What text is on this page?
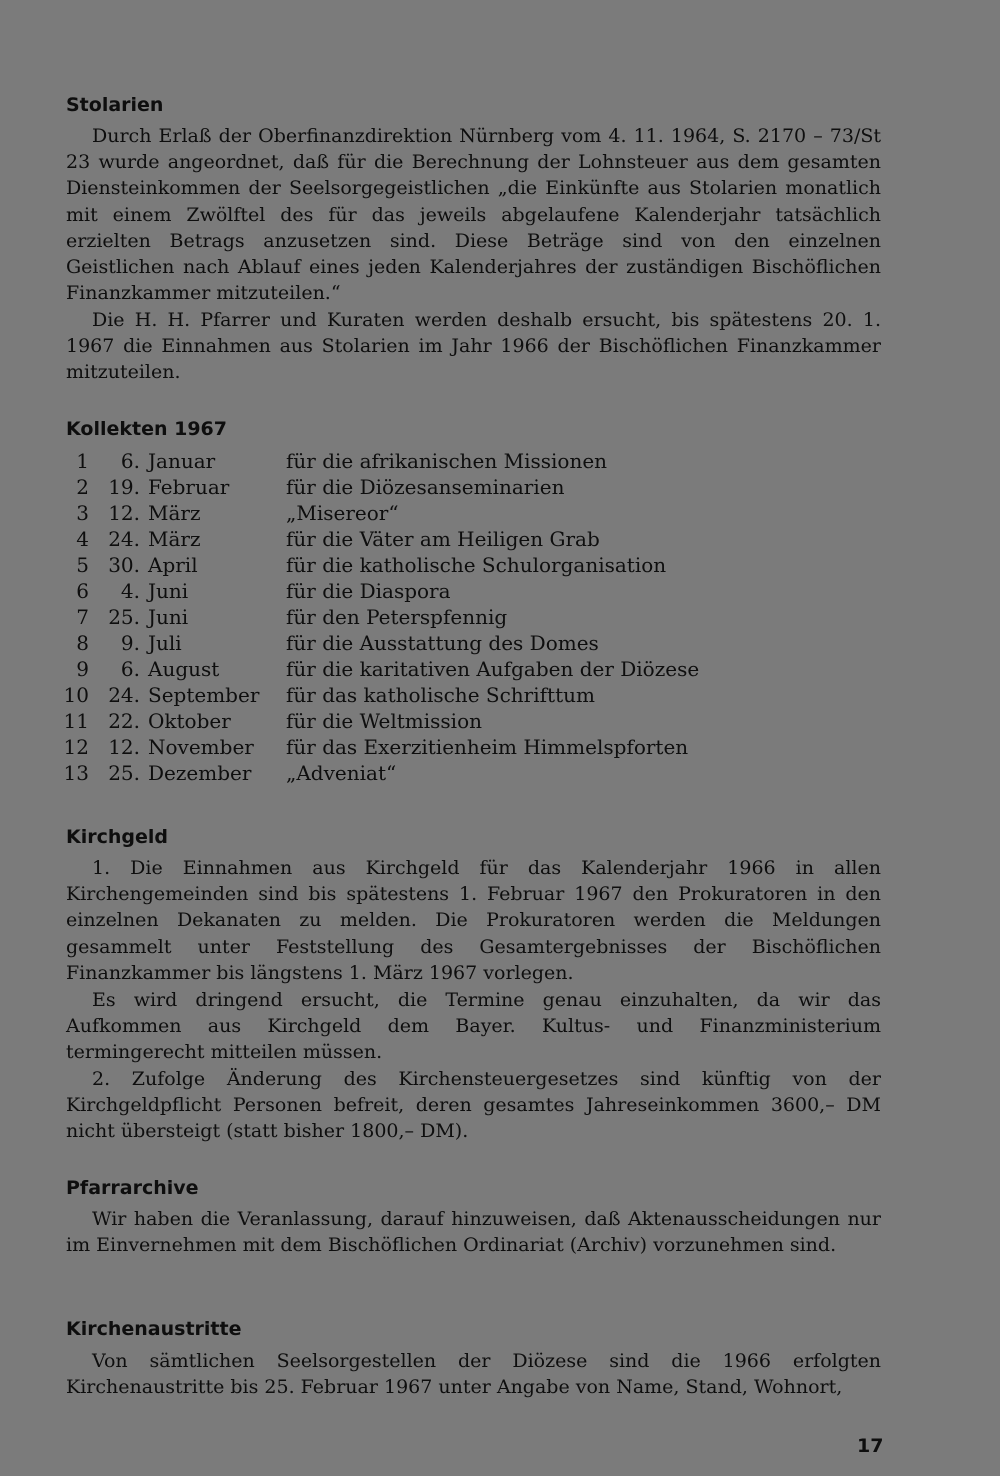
Stolarien

Durch Erlaß der Oberfinanzdirektion Nürnberg vom 4. 11. 1964, S. 2170 – 73/St 23 wurde angeordnet, daß für die Berechnung der Lohnsteuer aus dem gesamten Diensteinkommen der Seelsorgegeistlichen „die Einkünfte aus Stolarien monatlich mit einem Zwölftel des für das jeweils abgelaufene Kalenderjahr tatsächlich erzielten Betrags anzusetzen sind. Diese Beträge sind von den einzelnen Geistlichen nach Ablauf eines jeden Kalenderjahres der zuständigen Bischöflichen Finanzkammer mitzuteilen.“

Die H. H. Pfarrer und Kuraten werden deshalb ersucht, bis spätestens 20. 1. 1967 die Einnahmen aus Stolarien im Jahr 1966 der Bischöflichen Finanzkammer mitzuteilen.

Kollekten 1967
1 6. Januar	für die afrikanischen Missionen
2 19. Februar	für die Diözesanseminarien
3 12. März	„Misereor“
4 24. März	für die Väter am Heiligen Grab
5 30. April	für die katholische Schulorganisation
6 4. Juni	für die Diaspora
7 25. Juni	für den Peterspfennig
8 9. Juli	für die Ausstattung des Domes
9 6. August	für die karitativen Aufgaben der Diözese
10 24. September für das katholische Schrifttum
11 22. Oktober	für die Weltmission
12 12. November für das Exerzitienheim Himmelspforten
13 25. Dezember „Adveniat“
Kirchgeld

1. Die Einnahmen aus Kirchgeld für das Kalenderjahr 1966 in allen Kirchengemeinden sind bis spätestens 1. Februar 1967 den Prokuratoren in den einzelnen Dekanaten zu melden. Die Prokuratoren werden die Meldungen gesammelt unter Feststellung des Gesamtergebnisses der Bischöflichen Finanzkammer bis längstens 1. März 1967 vorlegen.

Es wird dringend ersucht, die Termine genau einzuhalten, da wir das Aufkommen aus Kirchgeld dem Bayer. Kultus- und Finanzministerium termingerecht mitteilen müssen.

2. Zufolge Änderung des Kirchensteuergesetzes sind künftig von der Kirchgeldpflicht Personen befreit, deren gesamtes Jahreseinkommen 3600,– DM nicht übersteigt (statt bisher 1800,– DM).

Pfarrarchive

Wir haben die Veranlassung, darauf hinzuweisen, daß Aktenausscheidungen nur im Einvernehmen mit dem Bischöflichen Ordinariat (Archiv) vorzunehmen sind.

Kirchenaustritte

Von sämtlichen Seelsorgestellen der Diözese sind die 1966 erfolgten Kirchenaustritte bis 25. Februar 1967 unter Angabe von Name, Stand, Wohnort,

17
